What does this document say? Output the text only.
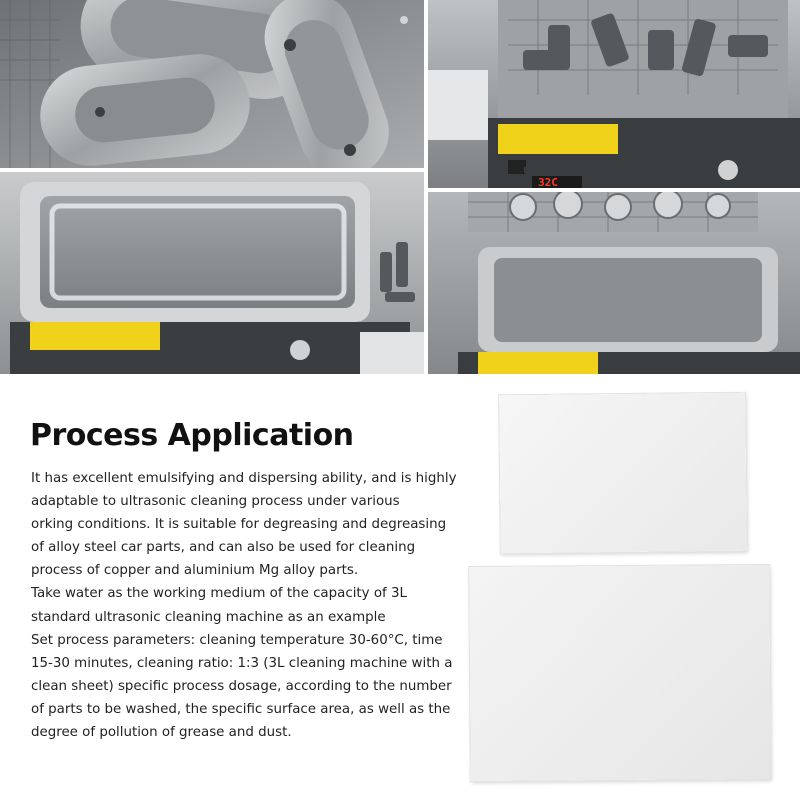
32C
ULTRASONIC CLEANER
ULTRASONIC CLEANER
Process Application
It has excellent emulsifying and dispersing ability, and is highly
adaptable to ultrasonic cleaning process under various
orking conditions. It is suitable for degreasing and degreasing
of alloy steel car parts, and can also be used for cleaning
process of copper and aluminium Mg alloy parts.
Take water as the working medium of the capacity of 3L
standard ultrasonic cleaning machine as an example
Set process parameters: cleaning temperature 30-60°C, time
15-30 minutes, cleaning ratio: 1:3 (3L cleaning machine with a
clean sheet) specific process dosage, according to the number
of parts to be washed, the specific surface area, as well as the
degree of pollution of grease and dust.
